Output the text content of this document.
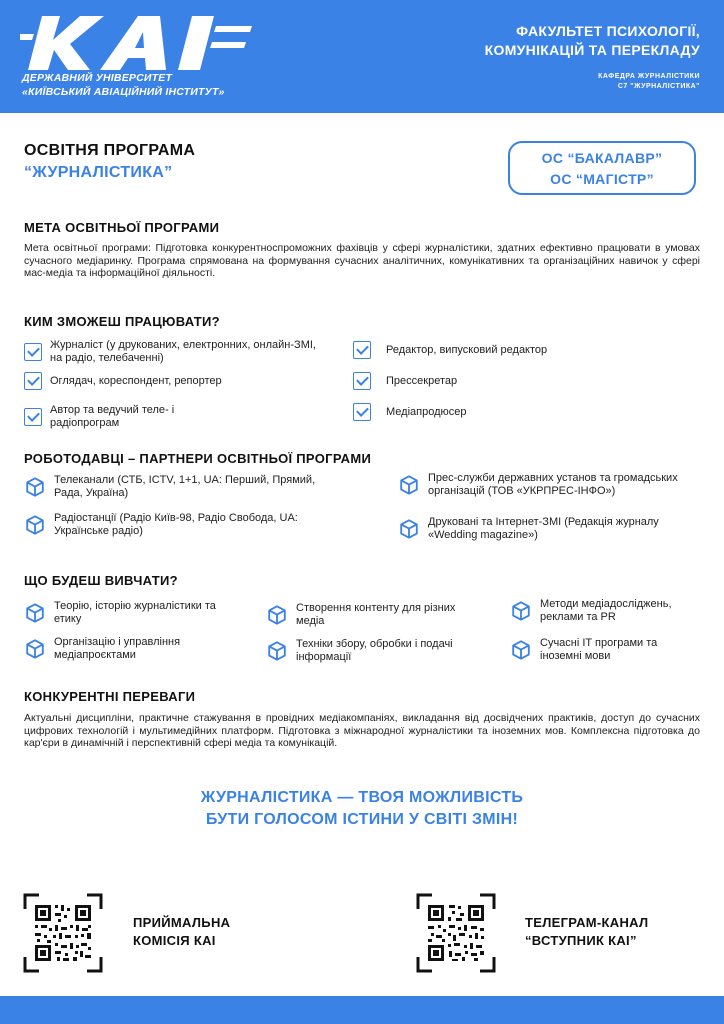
ДЕРЖАВНИЙ УНІВЕРСИТЕТ
«КИЇВСЬКИЙ АВІАЦІЙНИЙ ІНСТИТУТ»
ФАКУЛЬТЕТ ПСИХОЛОГІЇ,
КОМУНІКАЦІЙ ТА ПЕРЕКЛАДУ
КАФЕДРА ЖУРНАЛІСТИКИ
С7 "ЖУРНАЛІСТИКА"
ОСВІТНЯ ПРОГРАМА
“ЖУРНАЛІСТИКА”
ОС “БАКАЛАВР”
ОС “МАГІСТР”
МЕТА ОСВІТНЬОЇ ПРОГРАМИ
Мета освітньої програми: Підготовка конкурентноспроможних фахівців у сфері журналістики, здатних ефективно працювати в умовах сучасного медіаринку. Програма спрямована на формування сучасних аналітичних, комунікативних та організаційних навичок у сфері мас-медіа та інформаційної діяльності.
КИМ ЗМОЖЕШ ПРАЦЮВАТИ?
Журналіст (у друкованих, електронних, онлайн-ЗМІ, на радіо, телебаченні)
Оглядач, кореспондент, репортер
Автор та ведучий теле- і радіопрограм
Редактор, випусковий редактор
Прессекретар
Медіапродюсер
РОБОТОДАВЦІ – ПАРТНЕРИ ОСВІТНЬОЇ ПРОГРАМИ
Телеканали (СТБ, ICTV, 1+1, UA: Перший, Прямий, Рада, Україна)
Радіостанції (Радіо Київ-98, Радіо Свобода, UA: Українське радіо)
Прес-служби державних установ та громадських організацій (ТОВ «УКРПРЕС-ІНФО»)
Друковані та Інтернет-ЗМІ (Редакція журналу «Wedding magazine»)
ЩО БУДЕШ ВИВЧАТИ?
Теорію, історію журналістики та етику
Організацію і управління медіапроєктами
Створення контенту для різних медіа
Техніки збору, обробки і подачі інформації
Методи медіадосліджень, реклами та PR
Сучасні IT програми та іноземні мови
КОНКУРЕНТНІ ПЕРЕВАГИ
Актуальні дисципліни, практичне стажування в провідних медіакомпаніях, викладання від досвідчених практиків, доступ до сучасних цифрових технологій і мультимедійних платформ. Підготовка з міжнародної журналістики та іноземних мов. Комплексна підготовка до кар'єри в динамічній і перспективній сфері медіа та комунікацій.
ЖУРНАЛІСТИКА — ТВОЯ МОЖЛИВІСТЬ
БУТИ ГОЛОСОМ ІСТИНИ У СВІТІ ЗМІН!
ПРИЙМАЛЬНА
КОМІСІЯ КАІ
ТЕЛЕГРАМ-КАНАЛ
“ВСТУПНИК КАІ”
